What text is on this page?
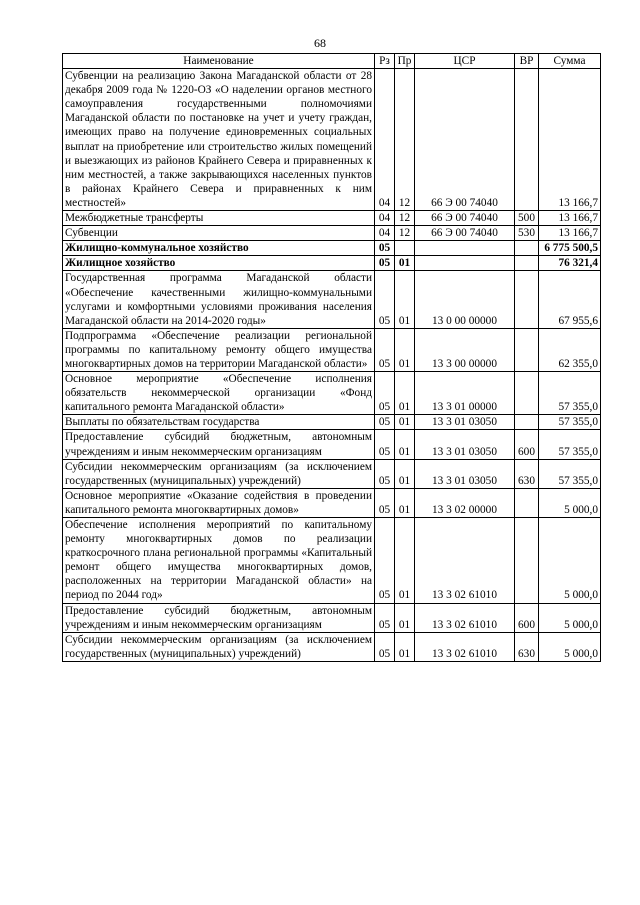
68
Наименование	Рз	Пр	ЦСР	ВР	Сумма
Субвенции на реализацию Закона Магаданской области от 28 декабря 2009 года № 1220-ОЗ «О наделении органов местного самоуправления государственными полномочиями Магаданской области по постановке на учет и учету граждан, имеющих право на получение единовременных социальных выплат на приобретение или строительство жилых помещений и выезжающих из районов Крайнего Севера и приравненных к ним местностей, а также закрывающихся населенных пунктов в районах Крайнего Севера и приравненных к ним местностей»	04	12	66 Э 00 74040		13 166,7
Межбюджетные трансферты	04	12	66 Э 00 74040	500	13 166,7
Субвенции	04	12	66 Э 00 74040	530	13 166,7
Жилищно-коммунальное хозяйство	05				6 775 500,5
Жилищное хозяйство	05	01			76 321,4
Государственная программа Магаданской области «Обеспечение качественными жилищно-коммунальными услугами и комфортными условиями проживания населения Магаданской области на 2014-2020 годы»	05	01	13 0 00 00000		67 955,6
Подпрограмма «Обеспечение реализации региональной программы по капитальному ремонту общего имущества многоквартирных домов на территории Магаданской области»	05	01	13 3 00 00000		62 355,0
Основное мероприятие «Обеспечение исполнения обязательств некоммерческой организации «Фонд капитального ремонта Магаданской области»	05	01	13 3 01 00000		57 355,0
Выплаты по обязательствам государства	05	01	13 3 01 03050		57 355,0
Предоставление субсидий бюджетным, автономным учреждениям и иным некоммерческим организациям	05	01	13 3 01 03050	600	57 355,0
Субсидии некоммерческим организациям (за исключением государственных (муниципальных) учреждений)	05	01	13 3 01 03050	630	57 355,0
Основное мероприятие «Оказание содействия в проведении капитального ремонта многоквартирных домов»	05	01	13 3 02 00000		5 000,0
Обеспечение исполнения мероприятий по капитальному ремонту многоквартирных домов по реализации краткосрочного плана региональной программы «Капитальный ремонт общего имущества многоквартирных домов, расположенных на территории Магаданской области» на период по 2044 год»	05	01	13 3 02 61010		5 000,0
Предоставление субсидий бюджетным, автономным учреждениям и иным некоммерческим организациям	05	01	13 3 02 61010	600	5 000,0
Субсидии некоммерческим организациям (за исключением государственных (муниципальных) учреждений)	05	01	13 3 02 61010	630	5 000,0
